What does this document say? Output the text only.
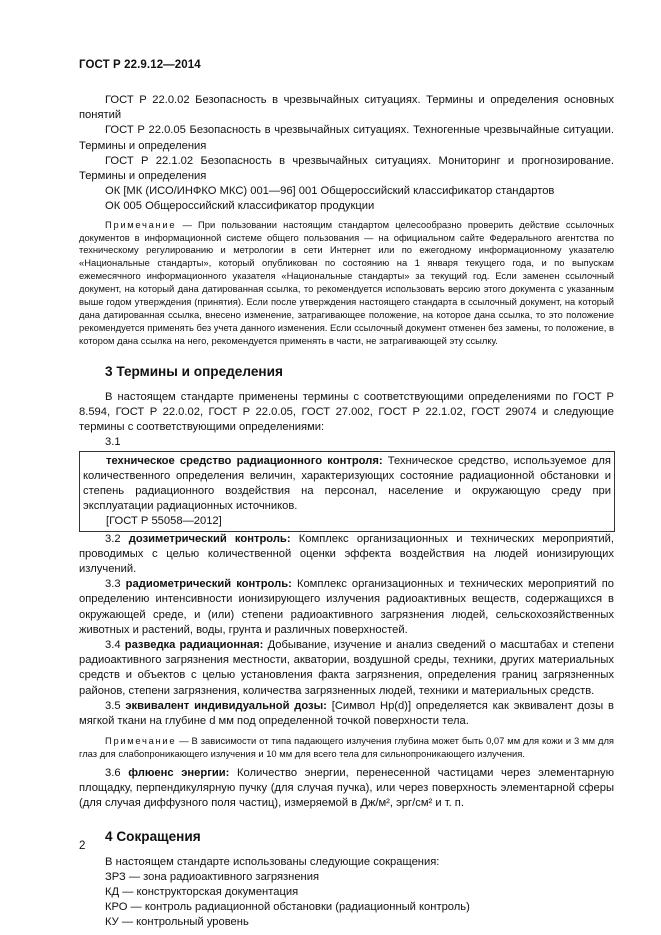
ГОСТ Р 22.9.12—2014

ГОСТ Р 22.0.02 Безопасность в чрезвычайных ситуациях. Термины и определения основных понятий

ГОСТ Р 22.0.05 Безопасность в чрезвычайных ситуациях. Техногенные чрезвычайные ситуации. Термины и определения

ГОСТ Р 22.1.02 Безопасность в чрезвычайных ситуациях. Мониторинг и прогнозирование. Термины и определения

ОК [МК (ИСО/ИНФКО МКС) 001—96] 001 Общероссийский классификатор стандартов

ОК 005 Общероссийский классификатор продукции

Примечание — При пользовании настоящим стандартом целесообразно проверить действие ссылочных документов в информационной системе общего пользования — на официальном сайте Федерального агентства по техническому регулированию и метрологии в сети Интернет или по ежегодному информационному указателю «Национальные стандарты», который опубликован по состоянию на 1 января текущего года, и по выпускам ежемесячного информационного указателя «Национальные стандарты» за текущий год. Если заменен ссылочный документ, на который дана датированная ссылка, то рекомендуется использовать версию этого документа с указанным выше годом утверждения (принятия). Если после утверждения настоящего стандарта в ссылочный документ, на который дана датированная ссылка, внесено изменение, затрагивающее положение, на которое дана ссылка, то это положение рекомендуется применять без учета данного изменения. Если ссылочный документ отменен без замены, то положение, в котором дана ссылка на него, рекомендуется применять в части, не затрагивающей эту ссылку.

3 Термины и определения

В настоящем стандарте применены термины с соответствующими определениями по ГОСТ Р 8.594, ГОСТ Р 22.0.02, ГОСТ Р 22.0.05, ГОСТ 27.002, ГОСТ Р 22.1.02, ГОСТ 29074 и следующие термины с соответствующими определениями:

3.1

техническое средство радиационного контроля: Техническое средство, используемое для количественного определения величин, характеризующих состояние радиационной обстановки и степень радиационного воздействия на персонал, население и окружающую среду при эксплуатации радиационных источников.

[ГОСТ Р 55058—2012]

3.2 дозиметрический контроль: Комплекс организационных и технических мероприятий, проводимых с целью количественной оценки эффекта воздействия на людей ионизирующих излучений.

3.3 радиометрический контроль: Комплекс организационных и технических мероприятий по определению интенсивности ионизирующего излучения радиоактивных веществ, содержащихся в окружающей среде, и (или) степени радиоактивного загрязнения людей, сельскохозяйственных животных и растений, воды, грунта и различных поверхностей.

3.4 разведка радиационная: Добывание, изучение и анализ сведений о масштабах и степени радиоактивного загрязнения местности, акватории, воздушной среды, техники, других материальных средств и объектов с целью установления факта загрязнения, определения границ загрязненных районов, степени загрязнения, количества загрязненных людей, техники и материальных средств.

3.5 эквивалент индивидуальной дозы: [Символ Hp(d)] определяется как эквивалент дозы в мягкой ткани на глубине d мм под определенной точкой поверхности тела.

Примечание — В зависимости от типа падающего излучения глубина может быть 0,07 мм для кожи и 3 мм для глаз для слабопроникающего излучения и 10 мм для всего тела для сильнопроникающего излучения.

3.6 флюенс энергии: Количество энергии, перенесенной частицами через элементарную площадку, перпендикулярную пучку (для случая пучка), или через поверхность элементарной сферы (для случая диффузного поля частиц), измеряемой в Дж/м², эрг/см² и т. п.

4 Сокращения

В настоящем стандарте использованы следующие сокращения:

ЗРЗ — зона радиоактивного загрязнения

КД — конструкторская документация

КРО — контроль радиационной обстановки (радиационный контроль)

КУ — контрольный уровень

2
